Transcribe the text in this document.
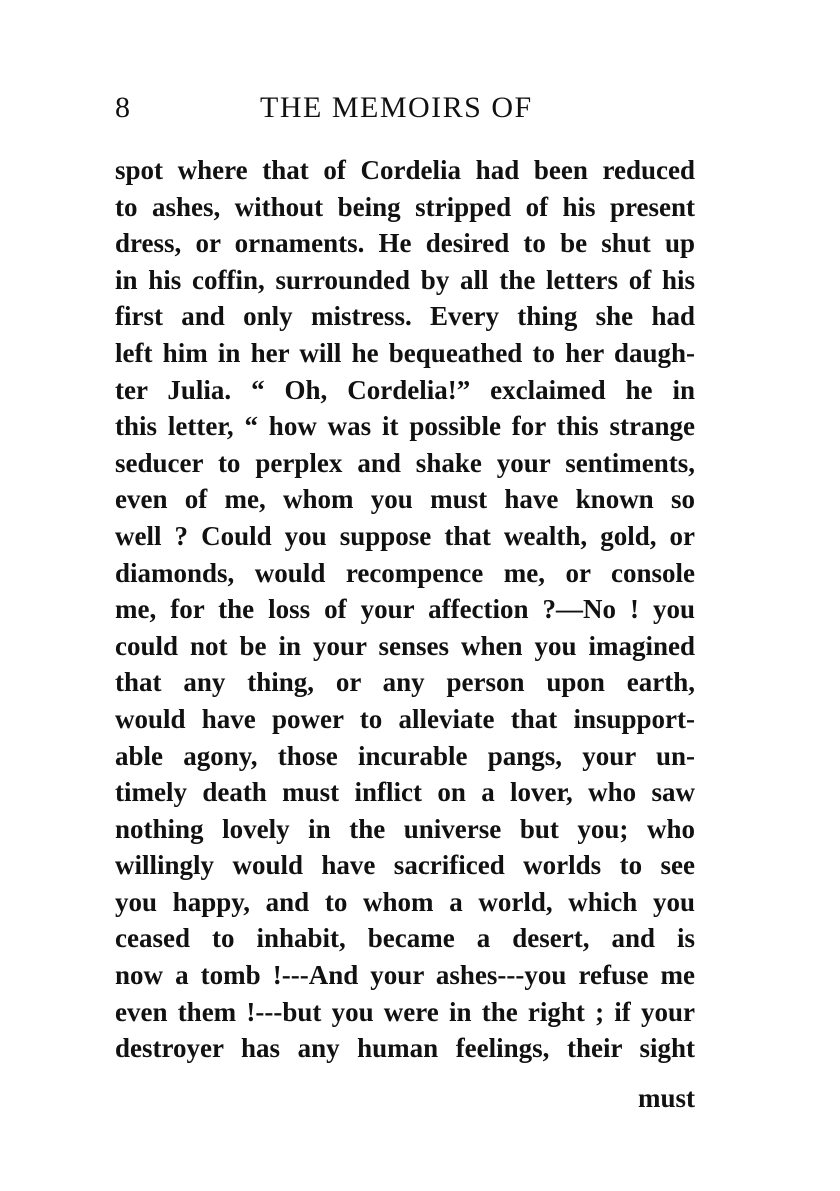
8	THE MEMOIRS OF
spot where that of Cordelia had been reduced
to ashes, without being stripped of his present
dress, or ornaments. He desired to be shut up
in his coffin, surrounded by all the letters of his
first and only mistress. Every thing she had
left him in her will he bequeathed to her daugh-
ter Julia. “ Oh, Cordelia!” exclaimed he in
this letter, “ how was it possible for this strange
seducer to perplex and shake your sentiments,
even of me, whom you must have known so
well ? Could you suppose that wealth, gold, or
diamonds, would recompence me, or console
me, for the loss of your affection ?—No ! you
could not be in your senses when you imagined
that any thing, or any person upon earth,
would have power to alleviate that insupport-
able agony, those incurable pangs, your un-
timely death must inflict on a lover, who saw
nothing lovely in the universe but you; who
willingly would have sacrificed worlds to see
you happy, and to whom a world, which you
ceased to inhabit, became a desert, and is
now a tomb !---And your ashes---you refuse me
even them !---but you were in the right ; if your
destroyer has any human feelings, their sight
must
